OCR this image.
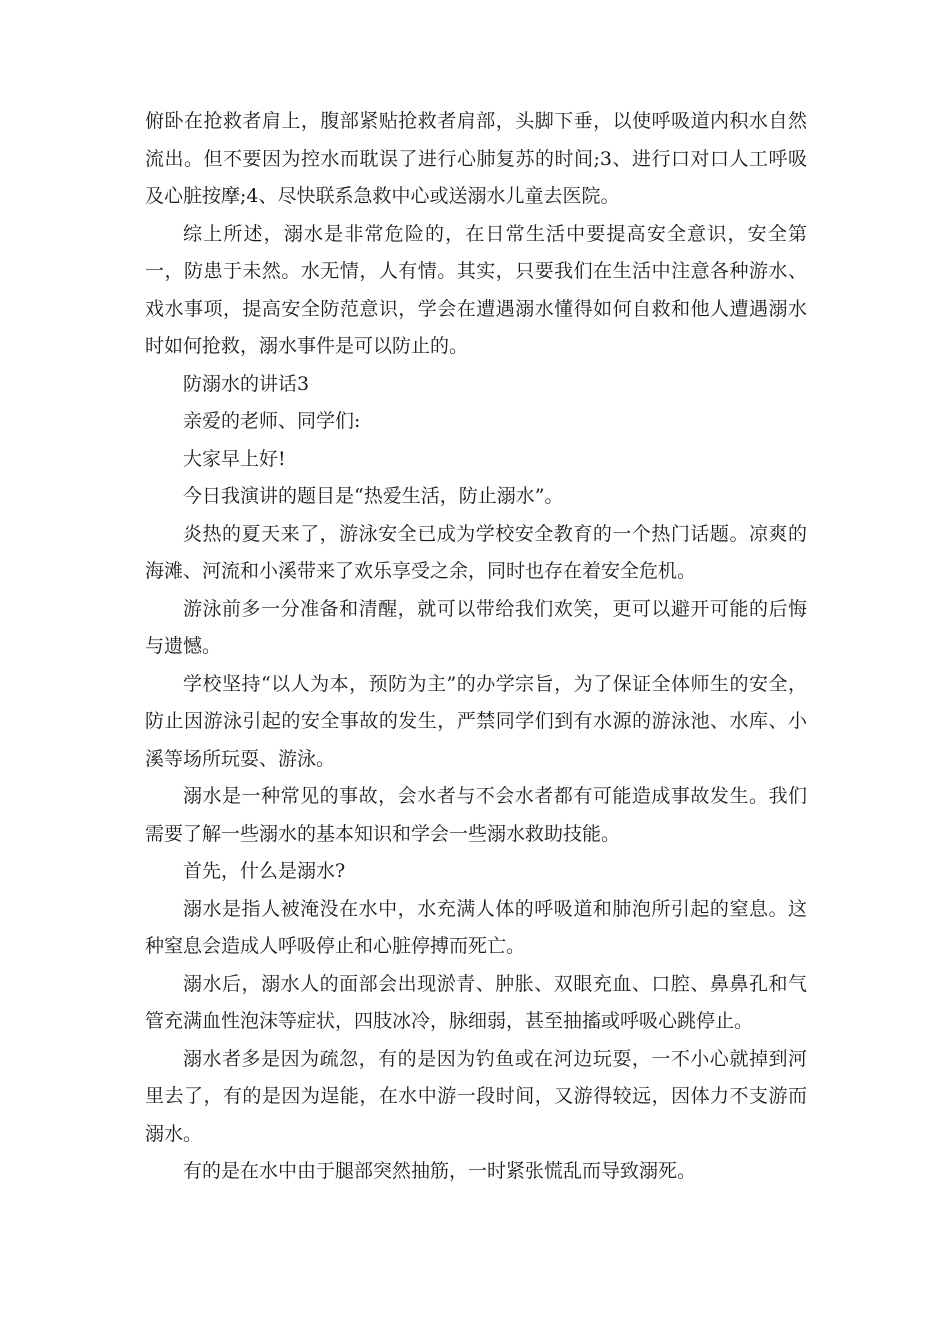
俯卧在抢救者肩上，腹部紧贴抢救者肩部，头脚下垂，以使呼吸道内积水自然流出。但不要因为控水而耽误了进行心肺复苏的时间;3、进行口对口人工呼吸及心脏按摩;4、尽快联系急救中心或送溺水儿童去医院。

综上所述，溺水是非常危险的，在日常生活中要提高安全意识，安全第一，防患于未然。水无情，人有情。其实，只要我们在生活中注意各种游水、戏水事项，提高安全防范意识，学会在遭遇溺水懂得如何自救和他人遭遇溺水时如何抢救，溺水事件是可以防止的。

防溺水的讲话3

亲爱的老师、同学们:

大家早上好!

今日我演讲的题目是“热爱生活，防止溺水”。

炎热的夏天来了，游泳安全已成为学校安全教育的一个热门话题。凉爽的海滩、河流和小溪带来了欢乐享受之余，同时也存在着安全危机。

游泳前多一分准备和清醒，就可以带给我们欢笑，更可以避开可能的后悔与遗憾。

学校坚持“以人为本，预防为主”的办学宗旨，为了保证全体师生的安全，防止因游泳引起的安全事故的发生，严禁同学们到有水源的游泳池、水库、小溪等场所玩耍、游泳。

溺水是一种常见的事故，会水者与不会水者都有可能造成事故发生。我们需要了解一些溺水的基本知识和学会一些溺水救助技能。

首先，什么是溺水?

溺水是指人被淹没在水中，水充满人体的呼吸道和肺泡所引起的窒息。这种窒息会造成人呼吸停止和心脏停搏而死亡。

溺水后，溺水人的面部会出现淤青、肿胀、双眼充血、口腔、鼻鼻孔和气管充满血性泡沫等症状，四肢冰冷，脉细弱，甚至抽搐或呼吸心跳停止。

溺水者多是因为疏忽，有的是因为钓鱼或在河边玩耍，一不小心就掉到河里去了，有的是因为逞能，在水中游一段时间，又游得较远，因体力不支游而溺水。

有的是在水中由于腿部突然抽筋，一时紧张慌乱而导致溺死。
